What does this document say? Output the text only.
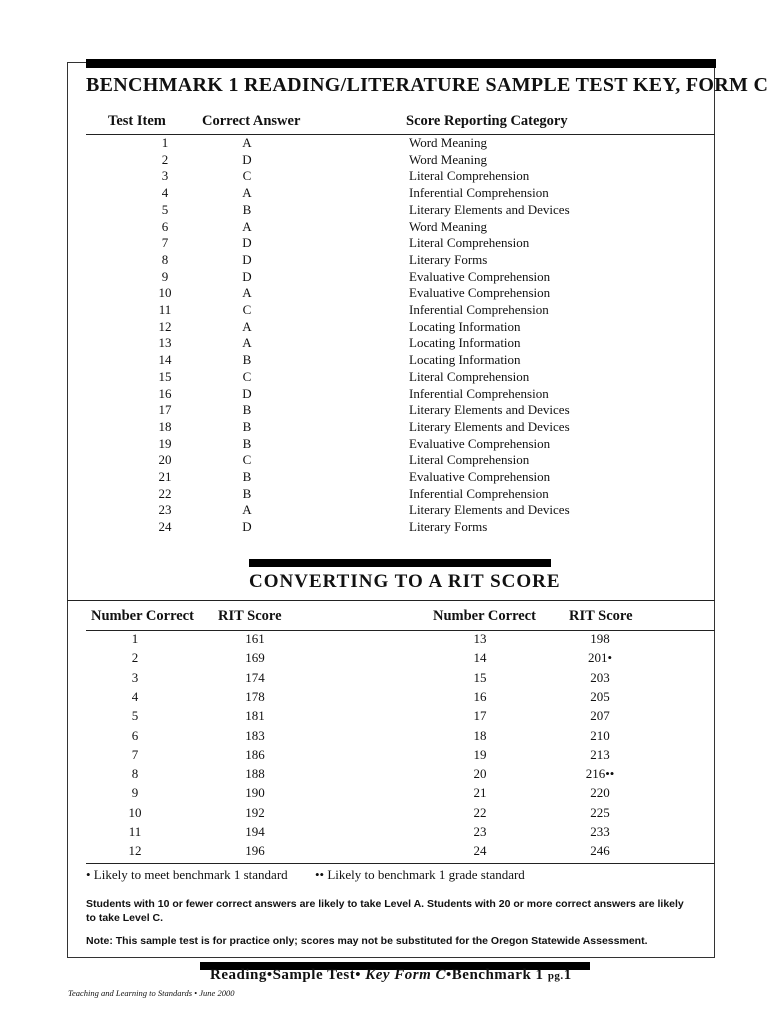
BENCHMARK 1 READING/LITERATURE SAMPLE TEST KEY, FORM C
Test Item Correct Answer	Score Reporting Category
1	A	Word Meaning
2	D	Word Meaning
3	C	Literal Comprehension
4	A	Inferential Comprehension
5	B	Literary Elements and Devices
6	A	Word Meaning
7	D	Literal Comprehension
8	D	Literary Forms
9	D	Evaluative Comprehension
10	A	Evaluative Comprehension
11	C	Inferential Comprehension
12	A	Locating Information
13	A	Locating Information
14	B	Locating Information
15	C	Literal Comprehension
16	D	Inferential Comprehension
17	B	Literary Elements and Devices
18	B	Literary Elements and Devices
19	B	Evaluative Comprehension
20	C	Literal Comprehension
21	B	Evaluative Comprehension
22	B	Inferential Comprehension
23	A	Literary Elements and Devices
24	D	Literary Forms
CONVERTING TO A RIT SCORE
Number Correct RIT Score	Number Correct RIT Score
1	161	13	198
2	169	14	201•
3	174	15	203
4	178	16	205
5	181	17	207
6	183	18	210
7	186	19	213
8	188	20	216••
9	190	21	220
10	192	22	225
11	194	23	233
12	196	24	246
• Likely to meet benchmark 1 standard •• Likely to benchmark 1 grade standard
Students with 10 or fewer correct answers are likely to take Level A. Students with 20 or more correct answers are likely to take Level C.
Note: This sample test is for practice only; scores may not be substituted for the Oregon Statewide Assessment.
Reading•Sample Test• Key Form C•Benchmark 1 pg.1
Teaching and Learning to Standards • June 2000
